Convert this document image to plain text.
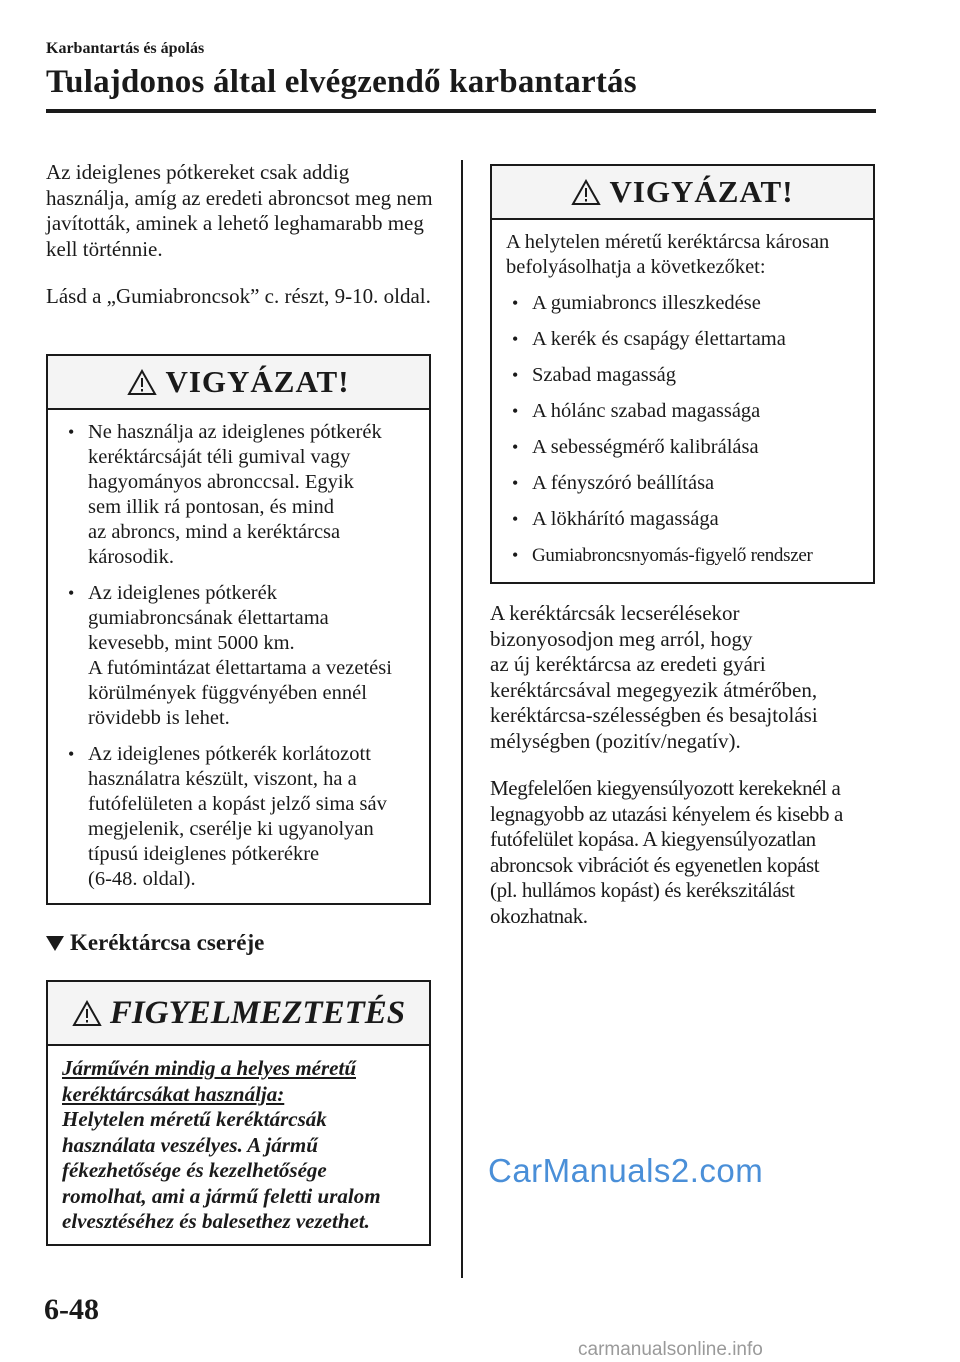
Karbantartás és ápolás
Tulajdonos által elvégzendő karbantartás

Az ideiglenes pótkereket csak addig használja, amíg az eredeti abroncsot meg nem javították, aminek a lehető leghamarabb meg kell történnie.

Lásd a „Gumiabroncsok” c. részt, 9-10. oldal.

VIGYÁZAT!
• Ne használja az ideiglenes pótkerék
keréktárcsáját téli gumival vagy
hagyományos abronccsal. Egyik
sem illik rá pontosan, és mind
az abroncs, mind a keréktárcsa
károsodik.
• Az ideiglenes pótkerék
gumiabroncsának élettartama
kevesebb, mint 5000 km.
A futómintázat élettartama a vezetési
körülmények függvényében ennél
rövidebb is lehet.
• Az ideiglenes pótkerék korlátozott
használatra készült, viszont, ha a
futófelületen a kopást jelző sima sáv
megjelenik, cserélje ki ugyanolyan
típusú ideiglenes pótkerékre
(6-48. oldal).
Keréktárcsa cseréje
FIGYELMEZTETÉS
Járművén mindig a helyes méretű
keréktárcsákat használja:
Helytelen méretű keréktárcsák
használata veszélyes. A jármű
fékezhetősége és kezelhetősége
romolhat, ami a jármű feletti uralom
elvesztéséhez és balesethez vezethet.
VIGYÁZAT!
A helytelen méretű keréktárcsa károsan
befolyásolhatja a következőket:
• A gumiabroncs illeszkedése
• A kerék és csapágy élettartama
• Szabad magasság
• A hólánc szabad magassága
• A sebességmérő kalibrálása
• A fényszóró beállítása
• A lökhárító magassága
• Gumiabroncsnyomás-figyelő rendszer

A keréktárcsák lecserélésekor
bizonyosodjon meg arról, hogy
az új keréktárcsa az eredeti gyári
keréktárcsával megegyezik átmérőben,
keréktárcsa-szélességben és besajtolási
mélységben (pozitív/negatív).

Megfelelően kiegyensúlyozott kerekeknél a
legnagyobb az utazási kényelem és kisebb a
futófelület kopása. A kiegyensúlyozatlan
abroncsok vibrációt és egyenetlen kopást
(pl. hullámos kopást) és kerékszitálást
okozhatnak.

CarManuals2.com
6-48
carmanualsonline.info
